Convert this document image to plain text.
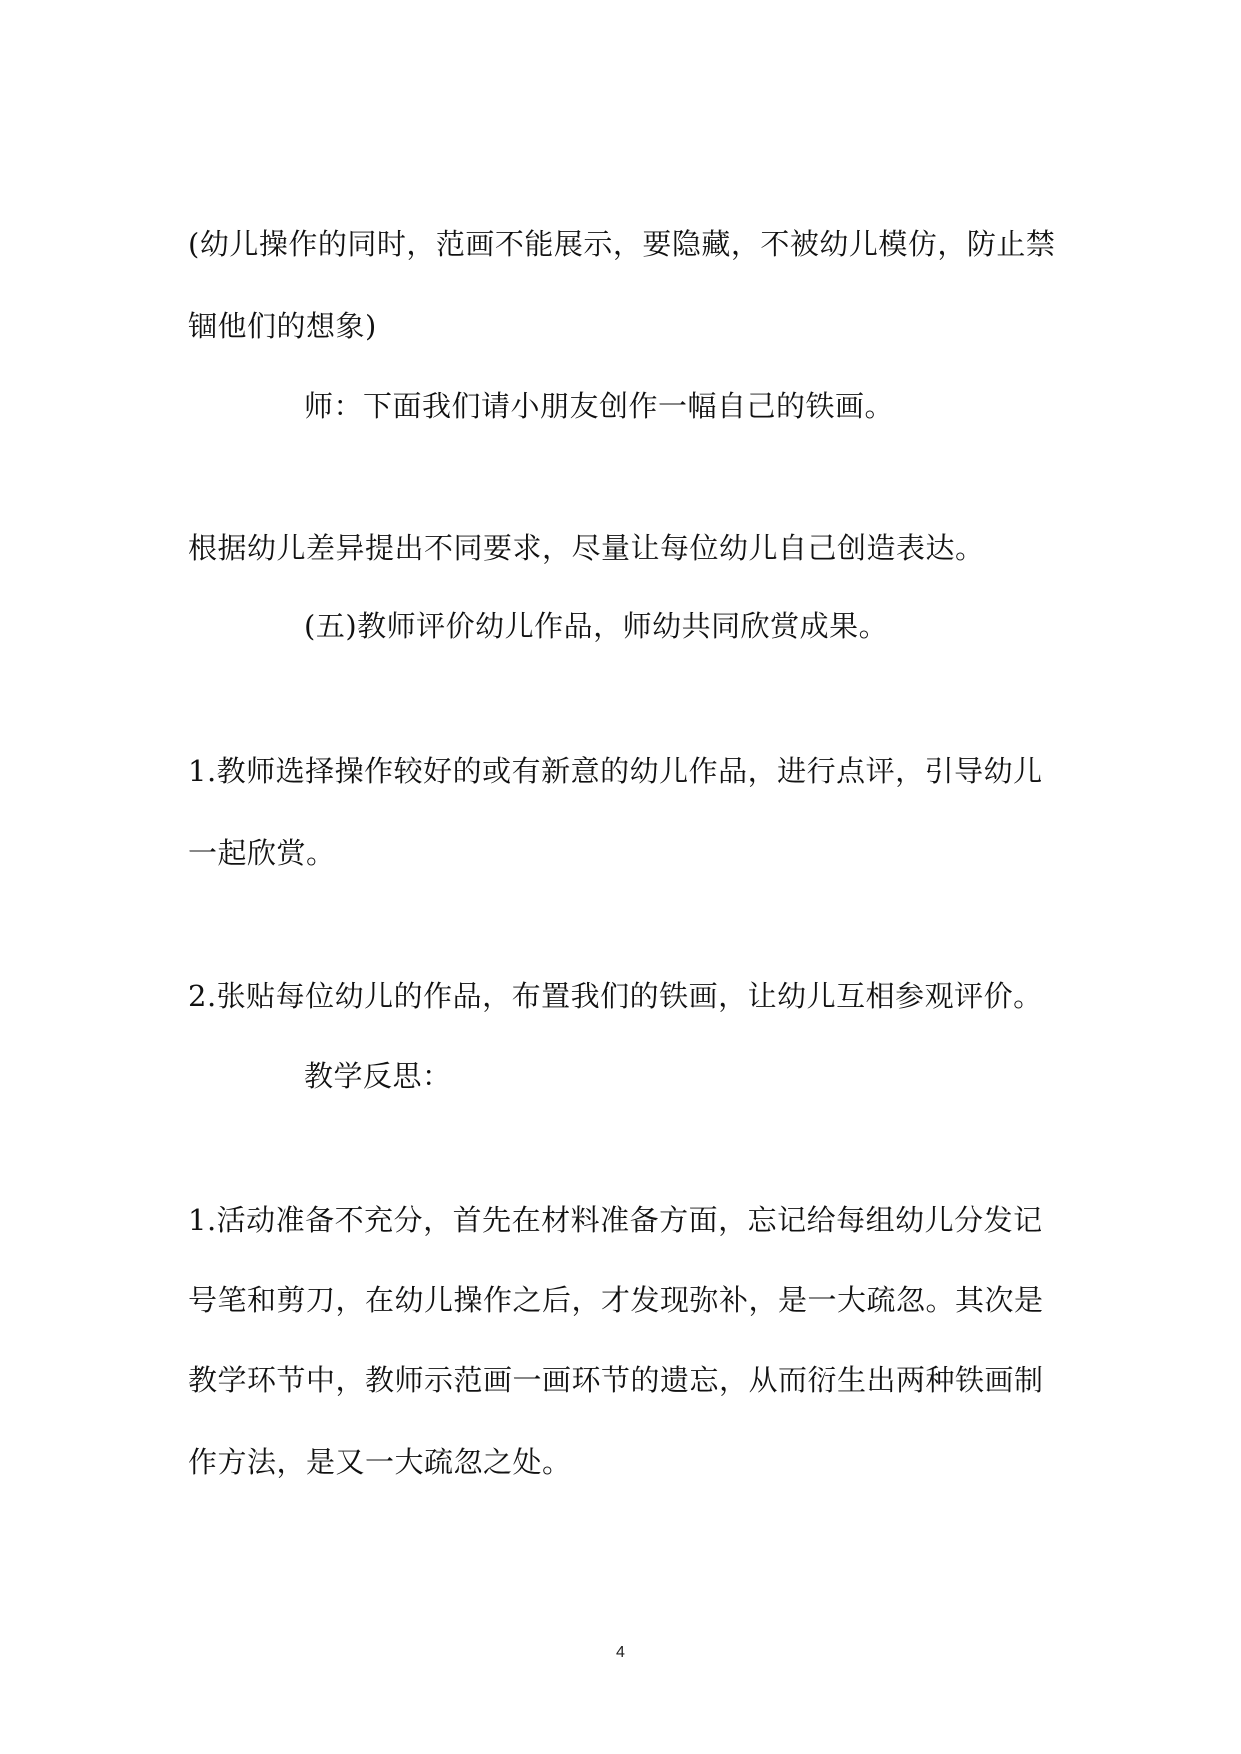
(幼儿操作的同时，范画不能展示，要隐藏，不被幼儿模仿，防止禁
锢他们的想象)
师：下面我们请小朋友创作一幅自己的铁画。
根据幼儿差异提出不同要求，尽量让每位幼儿自己创造表达。
(五)教师评价幼儿作品，师幼共同欣赏成果。
1.教师选择操作较好的或有新意的幼儿作品，进行点评，引导幼儿
一起欣赏。
2.张贴每位幼儿的作品，布置我们的铁画，让幼儿互相参观评价。
教学反思：
1.活动准备不充分，首先在材料准备方面，忘记给每组幼儿分发记
号笔和剪刀，在幼儿操作之后，才发现弥补，是一大疏忽。其次是
教学环节中，教师示范画一画环节的遗忘，从而衍生出两种铁画制
作方法，是又一大疏忽之处。
4
